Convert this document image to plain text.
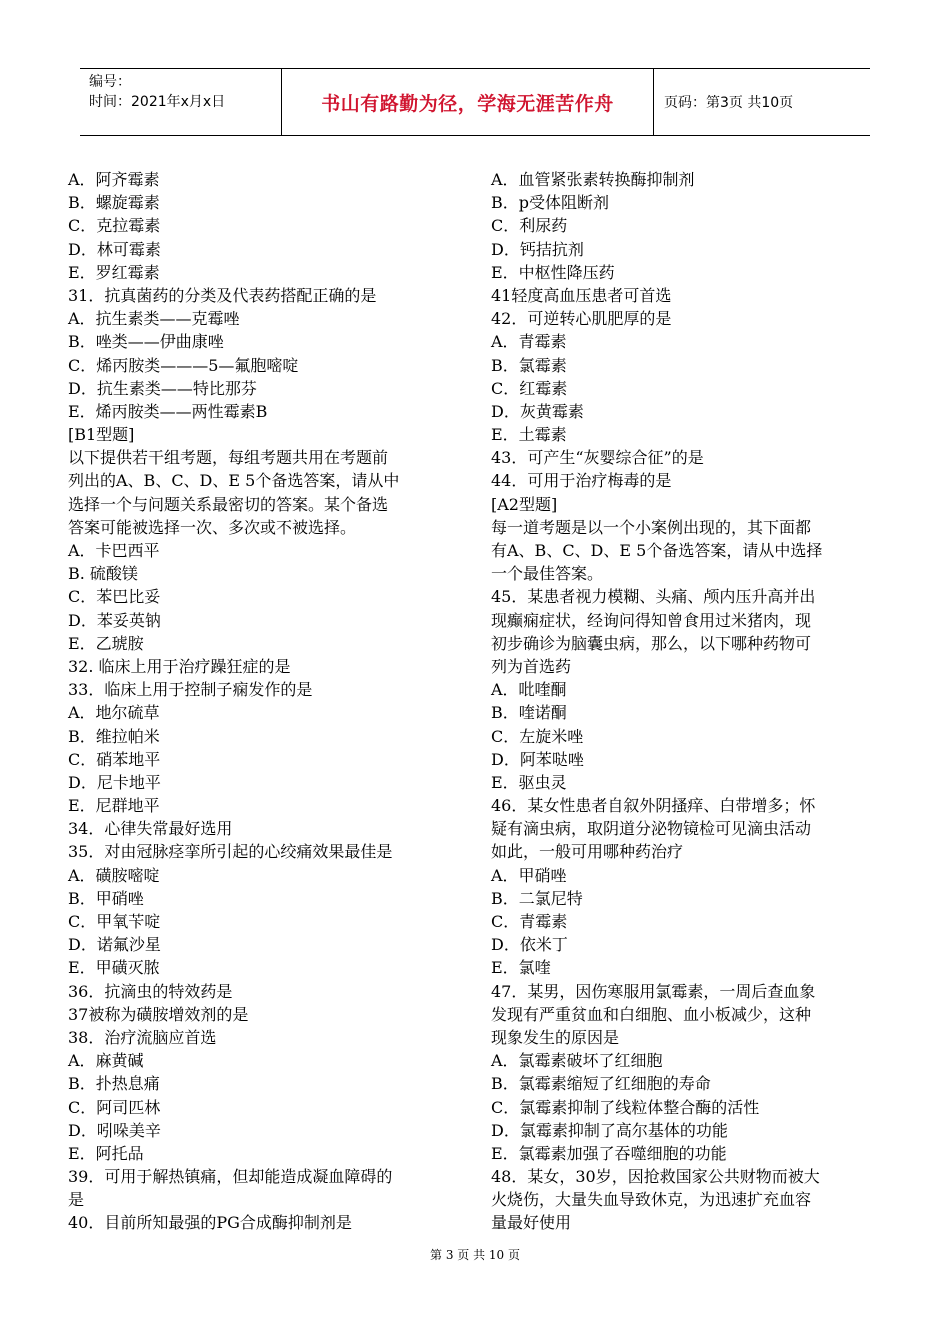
编号：
时间：2021年x月x日	书山有路勤为径，学海无涯苦作舟	页码：第3页 共10页
A．阿齐霉素
B．螺旋霉素
C．克拉霉素
D．林可霉素
E．罗红霉素
31．抗真菌药的分类及代表药搭配正确的是
A．抗生素类——克霉唑
B．唑类——伊曲康唑
C．烯丙胺类———5—氟胞嘧啶
D．抗生素类——特比那芬
E．烯丙胺类——两性霉素B
[B1型题]
以下提供若干组考题，每组考题共用在考题前
列出的A、B、C、D、E 5个备选答案，请从中
选择一个与问题关系最密切的答案。某个备选
答案可能被选择一次、多次或不被选择。
A．卡巴西平
B. 硫酸镁
C．苯巴比妥
D．苯妥英钠
E．乙琥胺
32. 临床上用于治疗躁狂症的是
33．临床上用于控制子痫发作的是
A．地尔硫草
B．维拉帕米
C．硝苯地平
D．尼卡地平
E．尼群地平
34．心律失常最好选用
35．对由冠脉痉挛所引起的心绞痛效果最佳是
A．磺胺嘧啶
B．甲硝唑
C．甲氧苄啶
D．诺氟沙星
E．甲磺灭脓
36．抗滴虫的特效药是
37被称为磺胺增效剂的是
38．治疗流脑应首选
A．麻黄碱
B．扑热息痛
C．阿司匹林
D．吲哚美辛
E．阿托品
39．可用于解热镇痛，但却能造成凝血障碍的
是
40．目前所知最强的PG合成酶抑制剂是
A．血管紧张素转换酶抑制剂
B．p受体阻断剂
C．利尿药
D．钙拮抗剂
E．中枢性降压药
41轻度高血压患者可首选
42．可逆转心肌肥厚的是
A．青霉素
B．氯霉素
C．红霉素
D．灰黄霉素
E．土霉素
43．可产生“灰婴综合征”的是
44．可用于治疗梅毒的是
[A2型题]
每一道考题是以一个小案例出现的，其下面都
有A、B、C、D、E 5个备选答案，请从中选择
一个最佳答案。
45．某患者视力模糊、头痛、颅内压升高并出
现癫痫症状，经询问得知曾食用过米猪肉，现
初步确诊为脑囊虫病，那么，以下哪种药物可
列为首选药
A．吡喹酮
B．喹诺酮
C．左旋米唑
D．阿苯哒唑
E．驱虫灵
46．某女性患者自叙外阴搔痒、白带增多；怀
疑有滴虫病，取阴道分泌物镜检可见滴虫活动
如此，一般可用哪种药治疗
A．甲硝唑
B．二氯尼特
C．青霉素
D．依米丁
E．氯喹
47．某男，因伤寒服用氯霉素，一周后查血象
发现有严重贫血和白细胞、血小板减少，这种
现象发生的原因是
A．氯霉素破坏了红细胞
B．氯霉素缩短了红细胞的寿命
C．氯霉素抑制了线粒体整合酶的活性
D．氯霉素抑制了高尔基体的功能
E．氯霉素加强了吞噬细胞的功能
48．某女，30岁，因抢救国家公共财物而被大
火烧伤，大量失血导致休克，为迅速扩充血容
量最好使用
第 3 页 共 10 页
